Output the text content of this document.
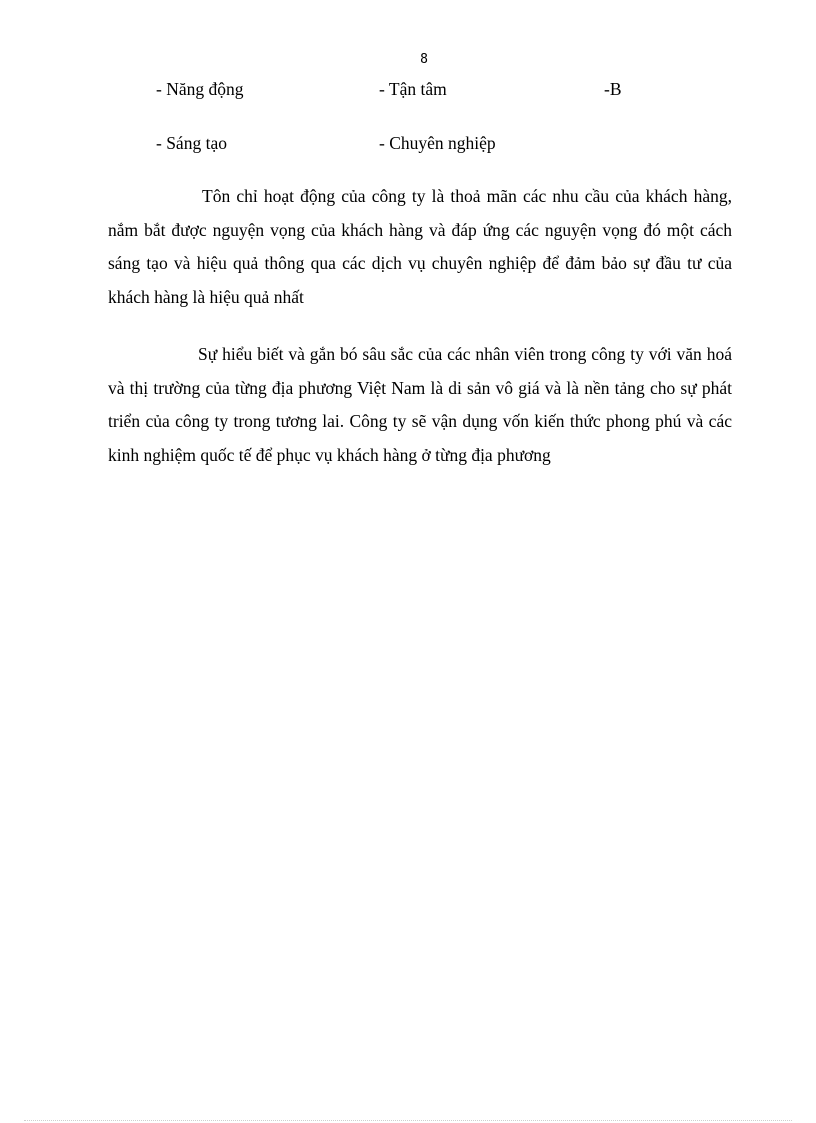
8
- Năng động	- Tận tâm	-B
- Sáng tạo	- Chuyên nghiệp

Tôn chỉ hoạt động của công ty là thoả mãn các nhu cầu của khách hàng, nắm bắt được nguyện vọng của khách hàng và đáp ứng các nguyện vọng đó một cách sáng tạo và hiệu quả thông qua các dịch vụ chuyên nghiệp để đảm bảo sự đầu tư của khách hàng là hiệu quả nhất

Sự hiểu biết và gắn bó sâu sắc của các nhân viên trong công ty với văn hoá và thị trường của từng địa phương Việt Nam là di sản vô giá và là nền tảng cho sự phát triển của công ty trong tương lai. Công ty sẽ vận dụng vốn kiến thức phong phú và các kinh nghiệm quốc tế để phục vụ khách hàng ở từng địa phương
